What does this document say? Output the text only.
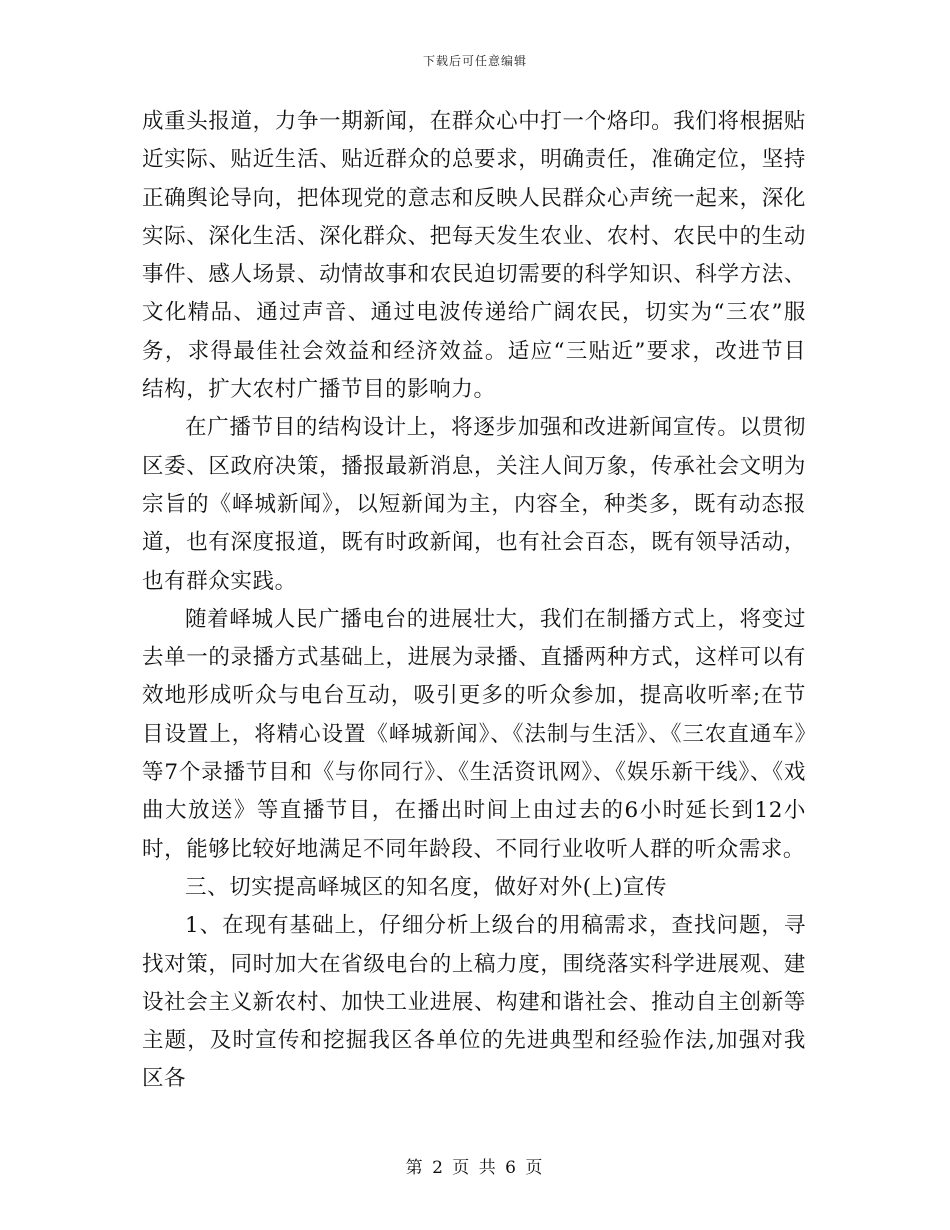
下载后可任意编辑

成重头报道，力争一期新闻，在群众心中打一个烙印。我们将根据贴近实际、贴近生活、贴近群众的总要求，明确责任，准确定位，坚持正确舆论导向，把体现党的意志和反映人民群众心声统一起来，深化实际、深化生活、深化群众、把每天发生农业、农村、农民中的生动事件、感人场景、动情故事和农民迫切需要的科学知识、科学方法、文化精品、通过声音、通过电波传递给广阔农民，切实为“三农”服务，求得最佳社会效益和经济效益。适应“三贴近”要求，改进节目结构，扩大农村广播节目的影响力。

在广播节目的结构设计上，将逐步加强和改进新闻宣传。以贯彻区委、区政府决策，播报最新消息，关注人间万象，传承社会文明为宗旨的《峄城新闻》，以短新闻为主，内容全，种类多，既有动态报道，也有深度报道，既有时政新闻，也有社会百态，既有领导活动，也有群众实践。

随着峄城人民广播电台的进展壮大，我们在制播方式上，将变过去单一的录播方式基础上，进展为录播、直播两种方式，这样可以有效地形成听众与电台互动，吸引更多的听众参加，提高收听率;在节目设置上，将精心设置《峄城新闻》、《法制与生活》、《三农直通车》等7个录播节目和《与你同行》、《生活资讯网》、《娱乐新干线》、《戏曲大放送》等直播节目，在播出时间上由过去的6小时延长到12小时，能够比较好地满足不同年龄段、不同行业收听人群的听众需求。

三、切实提高峄城区的知名度，做好对外(上)宣传

1、在现有基础上，仔细分析上级台的用稿需求，查找问题，寻找对策，同时加大在省级电台的上稿力度，围绕落实科学进展观、建设社会主义新农村、加快工业进展、构建和谐社会、推动自主创新等主题，及时宣传和挖掘我区各单位的先进典型和经验作法,加强对我区各

第 2 页 共 6 页
